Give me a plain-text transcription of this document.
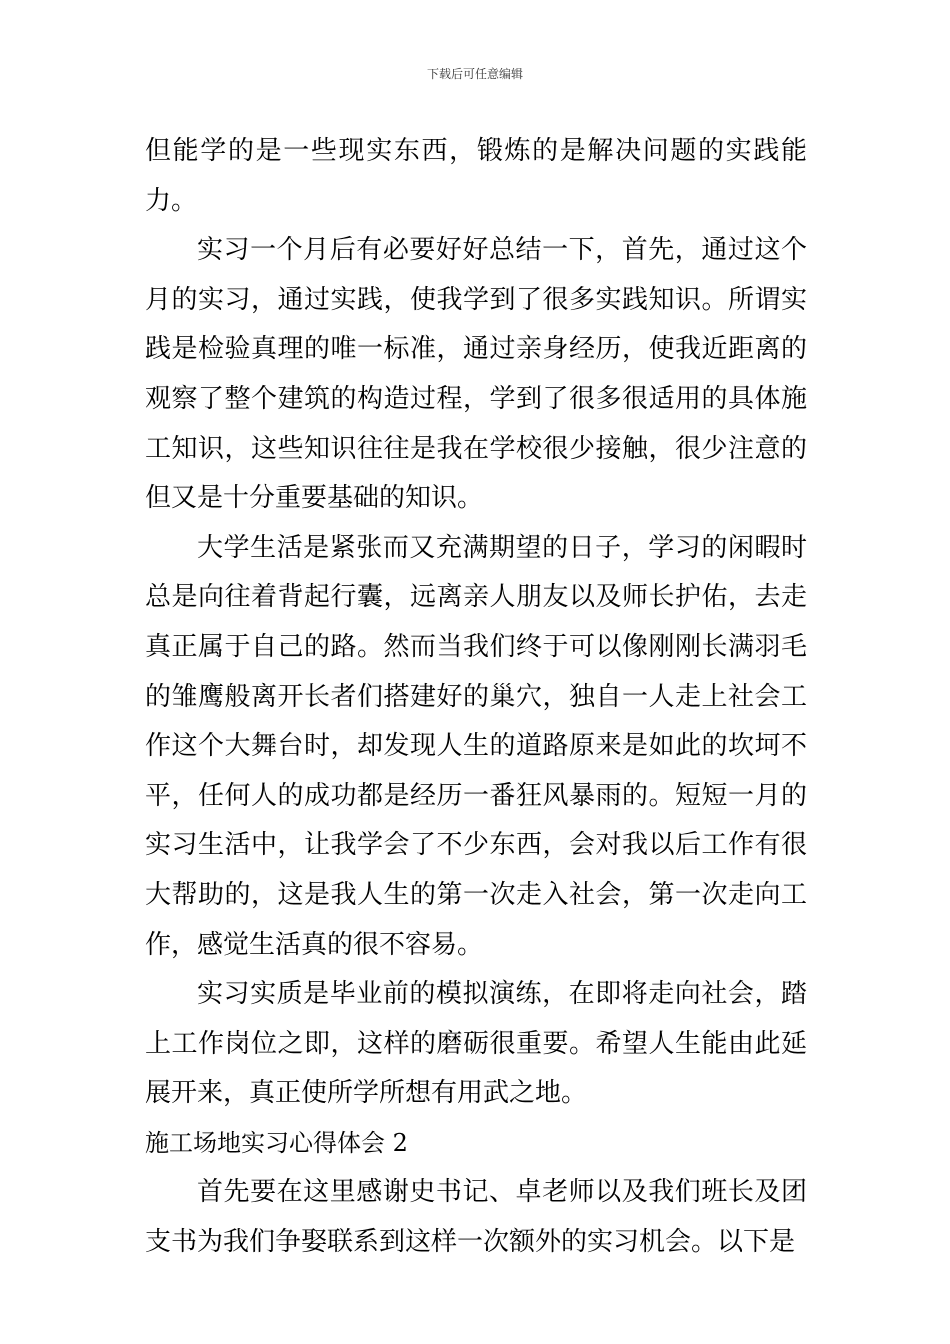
下载后可任意编辑

但能学的是一些现实东西，锻炼的是解决问题的实践能力。

实习一个月后有必要好好总结一下，首先，通过这个月的实习，通过实践，使我学到了很多实践知识。所谓实践是检验真理的唯一标准，通过亲身经历，使我近距离的观察了整个建筑的构造过程，学到了很多很适用的具体施工知识，这些知识往往是我在学校很少接触，很少注意的但又是十分重要基础的知识。

大学生活是紧张而又充满期望的日子，学习的闲暇时总是向往着背起行囊，远离亲人朋友以及师长护佑，去走真正属于自己的路。然而当我们终于可以像刚刚长满羽毛的雏鹰般离开长者们搭建好的巢穴，独自一人走上社会工作这个大舞台时，却发现人生的道路原来是如此的坎坷不平，任何人的成功都是经历一番狂风暴雨的。短短一月的实习生活中，让我学会了不少东西，会对我以后工作有很大帮助的，这是我人生的第一次走入社会，第一次走向工作，感觉生活真的很不容易。

实习实质是毕业前的模拟演练，在即将走向社会，踏上工作岗位之即，这样的磨砺很重要。希望人生能由此延展开来，真正使所学所想有用武之地。

施工场地实习心得体会 2

首先要在这里感谢史书记、卓老师以及我们班长及团支书为我们争娶联系到这样一次额外的实习机会。以下是
